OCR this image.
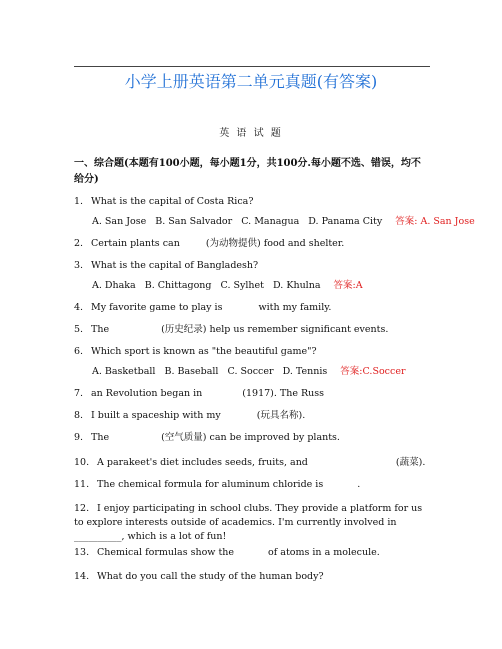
小学上册英语第二单元真题(有答案)
英 语 试 题
一、综合题(本题有100小题，每小题1分，共100分.每小题不选、错误，均不给分)
1. What is the capital of Costa Rica?
A. San Jose B. San Salvador C. Managua D. Panama City 答案: A. San Jose
2. Certain plants can	(为动物提供) food and shelter.
3. What is the capital of Bangladesh?
A. Dhaka B. Chittagong C. Sylhet D. Khulna 答案:A
4. My favorite game to play is	with my family.
5. The	(历史纪录) help us remember significant events.
6. Which sport is known as "the beautiful game"?
A. Basketball B. Baseball C. Soccer D. Tennis 答案:C.Soccer
7. an Revolution began in	(1917). The Russ
8. I built a spaceship with my	(玩具名称).
9. The	(空气质量) can be improved by plants.
10. A parakeet's diet includes seeds, fruits, and	(蔬菜).
11. The chemical formula for aluminum chloride is	.
12. I enjoy participating in school clubs. They provide a platform for us to explore interests outside of academics. I'm currently involved in __________, which is a lot of fun!
13. Chemical formulas show the	of atoms in a molecule.
14. What do you call the study of the human body?
